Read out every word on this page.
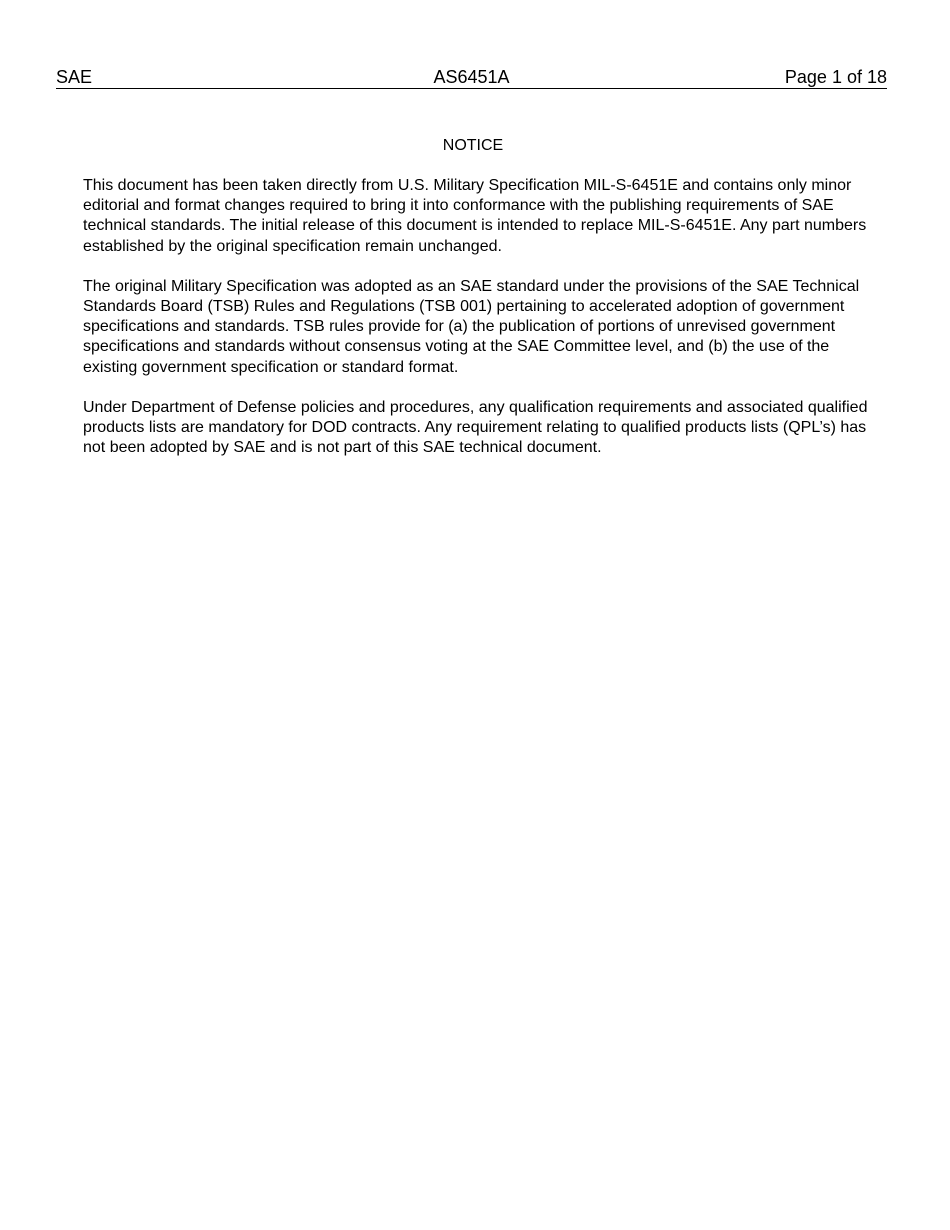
SAE	AS6451A	Page 1 of 18
NOTICE

This document has been taken directly from U.S. Military Specification MIL-S-6451E and contains only minor editorial and format changes required to bring it into conformance with the publishing requirements of SAE technical standards. The initial release of this document is intended to replace MIL-S-6451E. Any part numbers established by the original specification remain unchanged.

The original Military Specification was adopted as an SAE standard under the provisions of the SAE Technical Standards Board (TSB) Rules and Regulations (TSB 001) pertaining to accelerated adoption of government specifications and standards. TSB rules provide for (a) the publication of portions of unrevised government specifications and standards without consensus voting at the SAE Committee level, and (b) the use of the existing government specification or standard format.

Under Department of Defense policies and procedures, any qualification requirements and associated qualified products lists are mandatory for DOD contracts. Any requirement relating to qualified products lists (QPL’s) has not been adopted by SAE and is not part of this SAE technical document.
